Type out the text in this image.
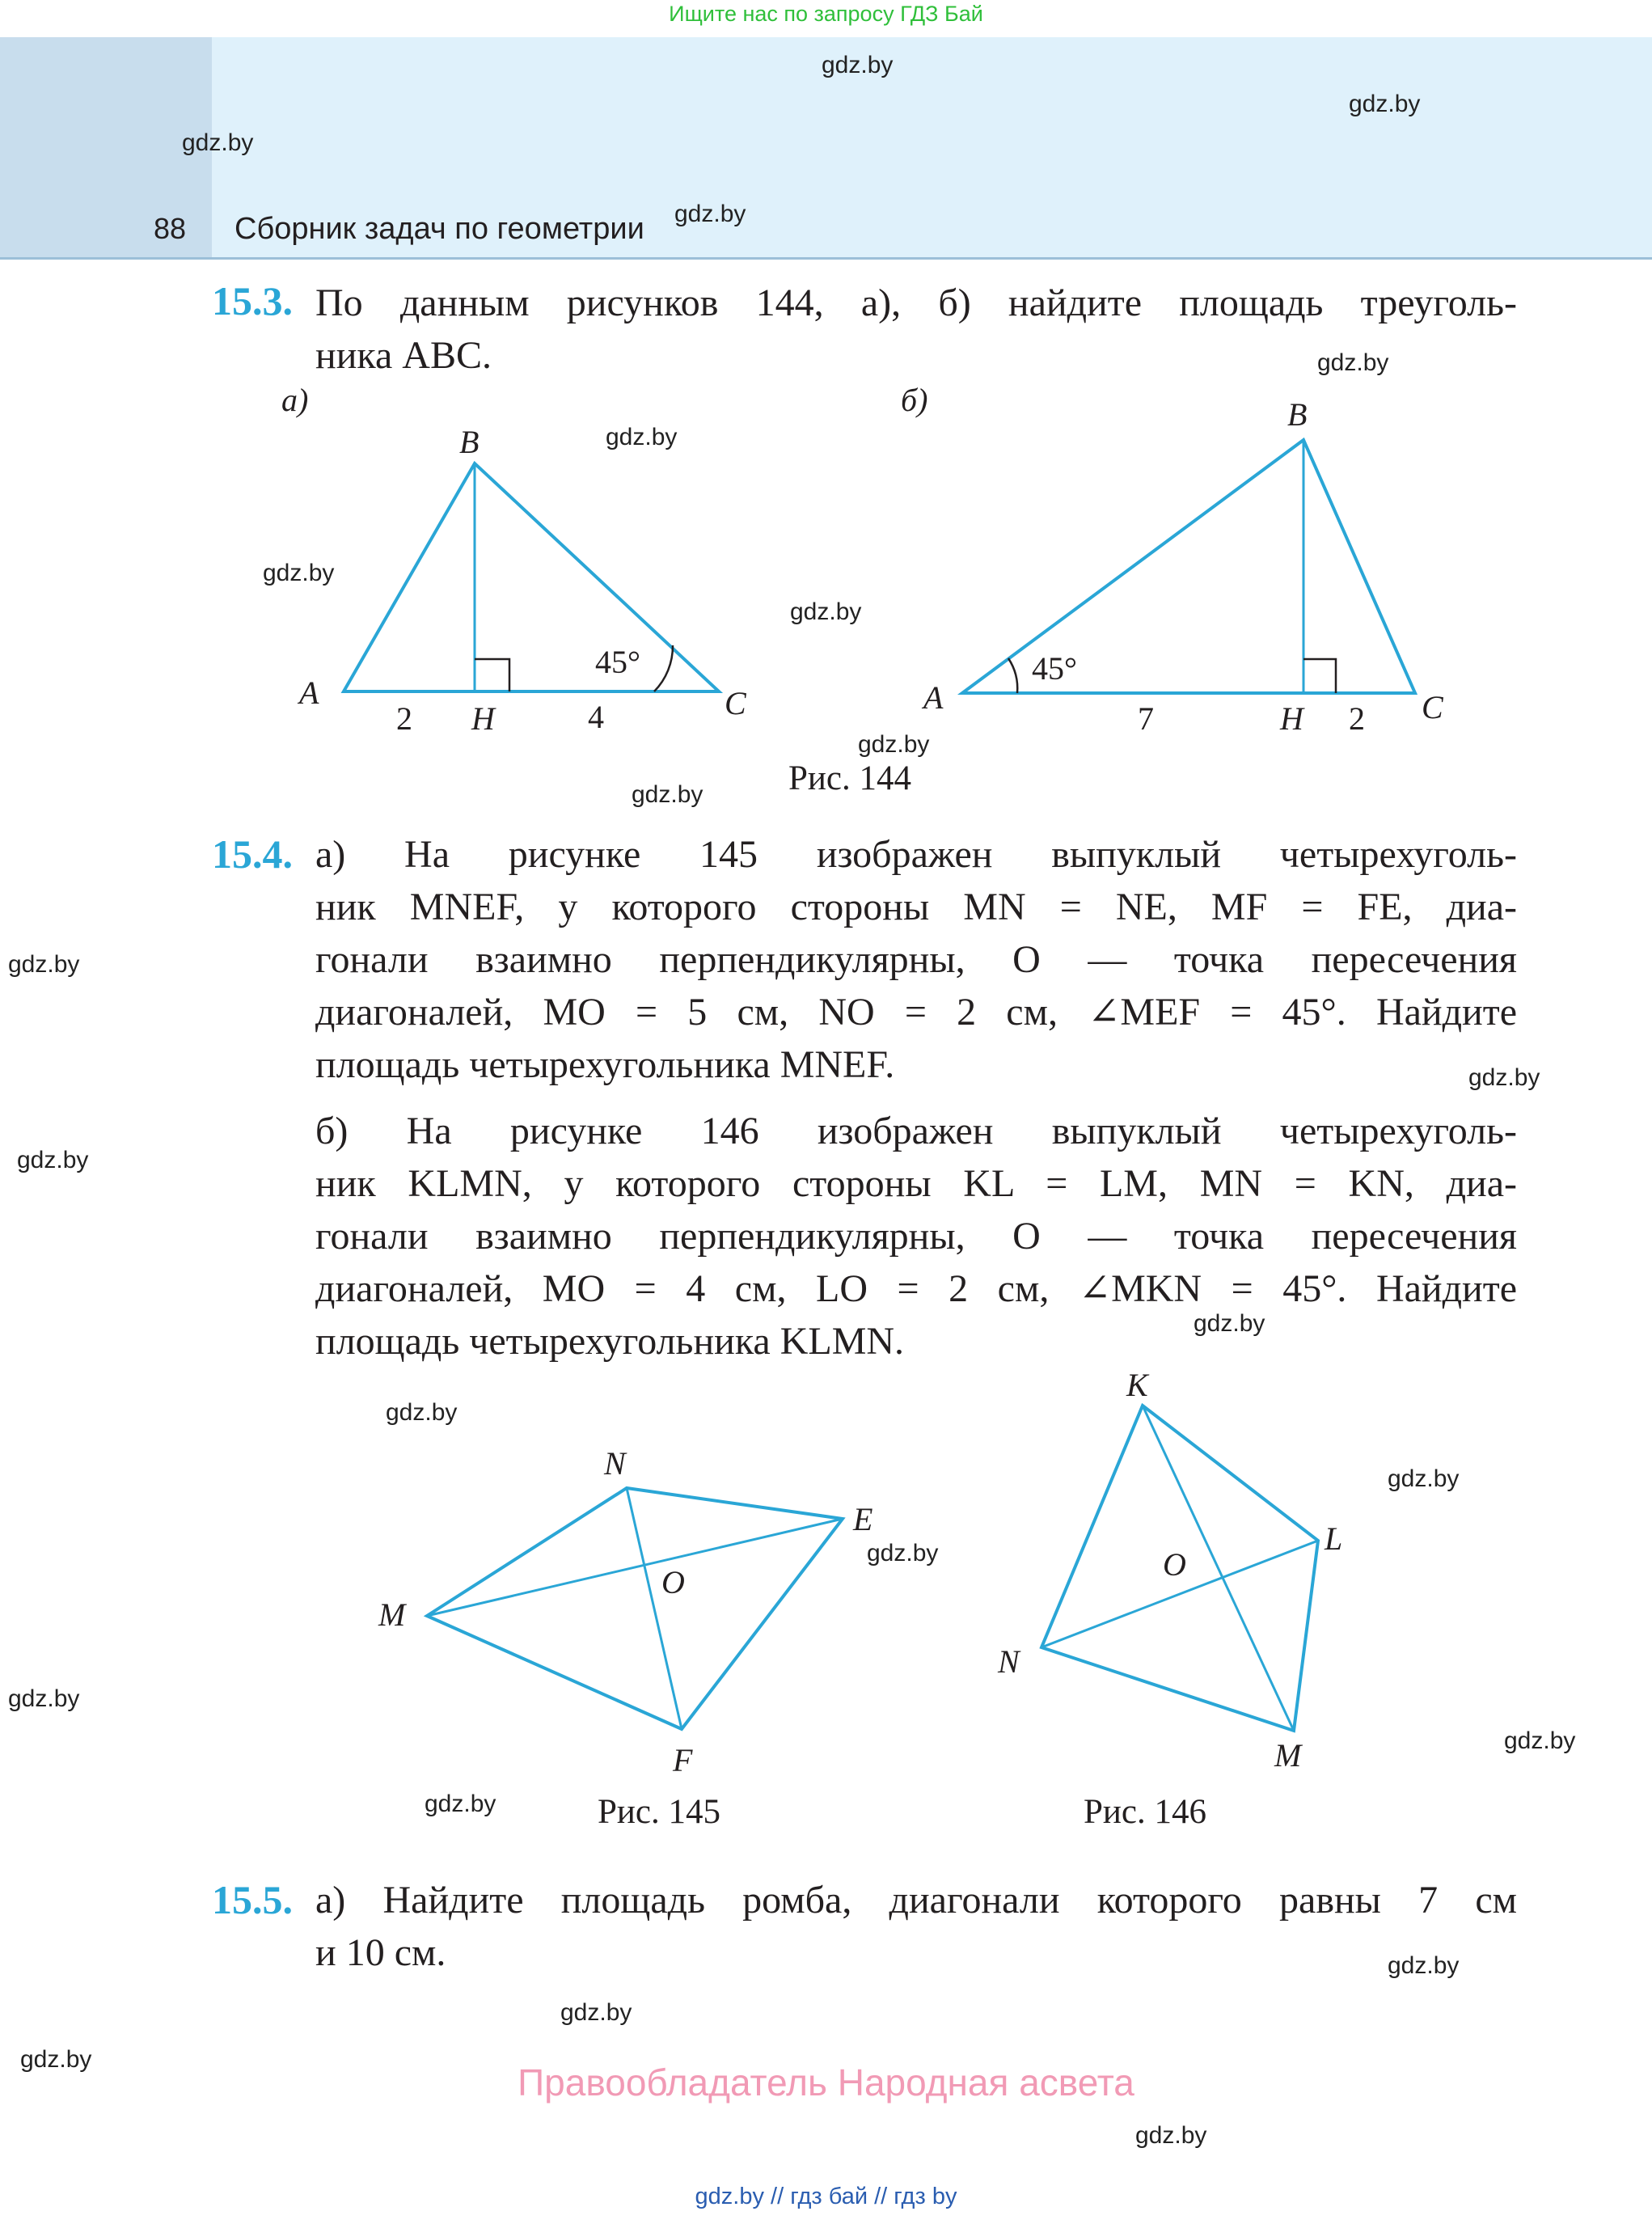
Ищите нас по запросу ГДЗ Бай
88 Сборник задач по геометрии
gdz.by
gdz.by
gdz.by
gdz.by
gdz.by
gdz.by
gdz.by
gdz.by
gdz.by
gdz.by
gdz.by
gdz.by
gdz.by
gdz.by
gdz.by
gdz.by
gdz.by
gdz.by
gdz.by
gdz.by
gdz.by
gdz.by
gdz.by
gdz.by
15.3. По данным рисунков 144, а), б) найдите площадь треуголь-
ника ABC.
а)
B
A	C
H
2	4
45°
б)	B
A	C
H
7	2
45°
Рис. 144
15.4. а) На рисунке 145 изображен выпуклый четырехуголь-
ник MNEF, у которого стороны MN = NE, MF = FE, диа-
гонали взаимно перпендикулярны, O — точка пересечения
диагоналей, MO = 5 см, NO = 2 см, ∠MEF = 45°. Найдите
площадь четырехугольника MNEF.
б) На рисунке 146 изображен выпуклый четырехуголь-
ник KLMN, у которого стороны KL = LM, MN = KN, диа-
гонали взаимно перпендикулярны, O — точка пересечения
диагоналей, MO = 4 см, LO = 2 см, ∠MKN = 45°. Найдите
площадь четырехугольника KLMN.
N
E
M
F
O
Рис. 145
K
L
N
M
O
Рис. 146
15.5. а) Найдите площадь ромба, диагонали которого равны 7 см
и 10 см.
Правообладатель Народная асвета
gdz.by // гдз бай // гдз by
